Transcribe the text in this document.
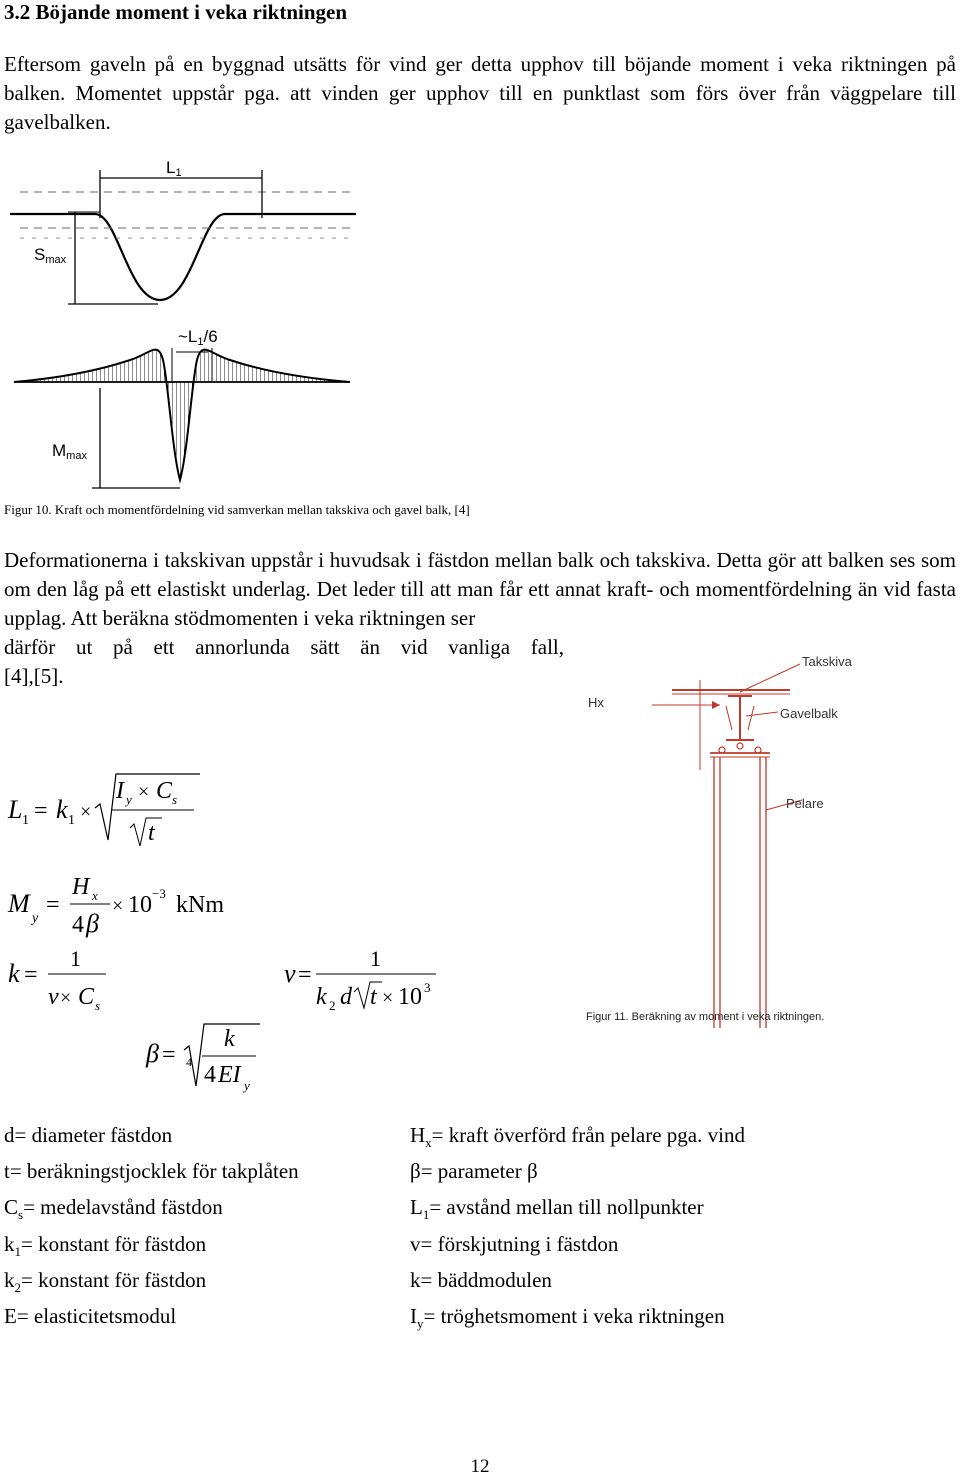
3.2 Böjande moment i veka riktningen
Eftersom gaveln på en byggnad utsätts för vind ger detta upphov till böjande moment i veka riktningen på balken. Momentet uppstår pga. att vinden ger upphov till en punktlast som förs över från väggpelare till gavelbalken.
L1
Smax
~L1/6
Mmax
Figur 10. Kraft och momentfördelning vid samverkan mellan takskiva och gavel balk, [4]
Deformationerna i takskivan uppstår i huvudsak i fästdon mellan balk och takskiva. Detta gör att balken ses som om den låg på ett elastiskt underlag. Det leder till att man får ett annat kraft- och momentfördelning än vid fasta upplag. Att beräkna stödmomenten i veka riktningen ser
därför ut på ett annorlunda sätt än vid vanliga fall,
[4],[5].
Takskiva
Hx
Gavelbalk
Pelare
Figur 11. Beräkning av moment i veka riktningen.
L 1 = k 1 ×
I y × C s
t
M
y
=
H x
4 β
× 10 −3 kNm
k =
1
v × C s
v =
1
k 2 d t × 10 3
β = 4
k
4 EI y
d= diameter fästdon
t= beräkningstjocklek för takplåten
$C_s=$ medelavstånd fästdon
$k_1=$ konstant för fästdon
$k_2=$ konstant för fästdon
E= elasticitetsmodul
$H_x=$ kraft överförd från pelare pga. vind
β= parameter β
$L_1=$ avstånd mellan till nollpunkter
v= förskjutning i fästdon
k= bäddmodulen
$I_y=$ tröghetsmoment i veka riktningen
12
